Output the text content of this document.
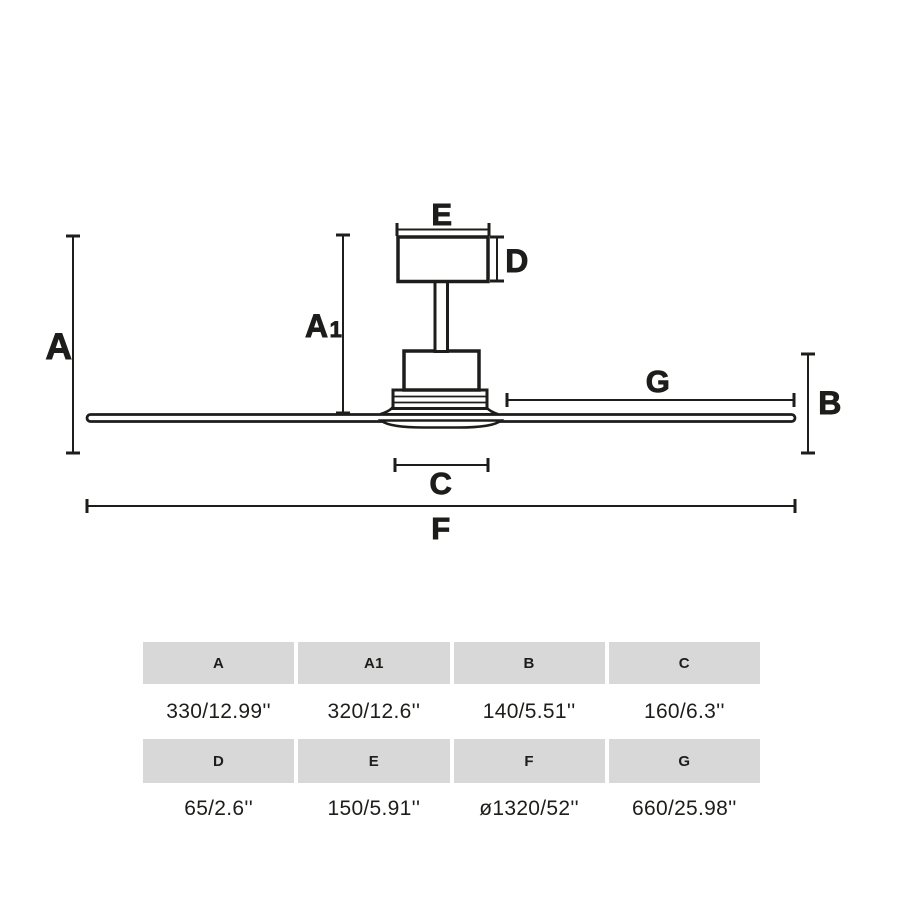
A	A1
E
D
G
B
C
F
A	A1	B	C
330/12.99''	320/12.6''	140/5.51''	160/6.3''
D	E	F	G
65/2.6''	150/5.91''	ø1320/52''	660/25.98''
